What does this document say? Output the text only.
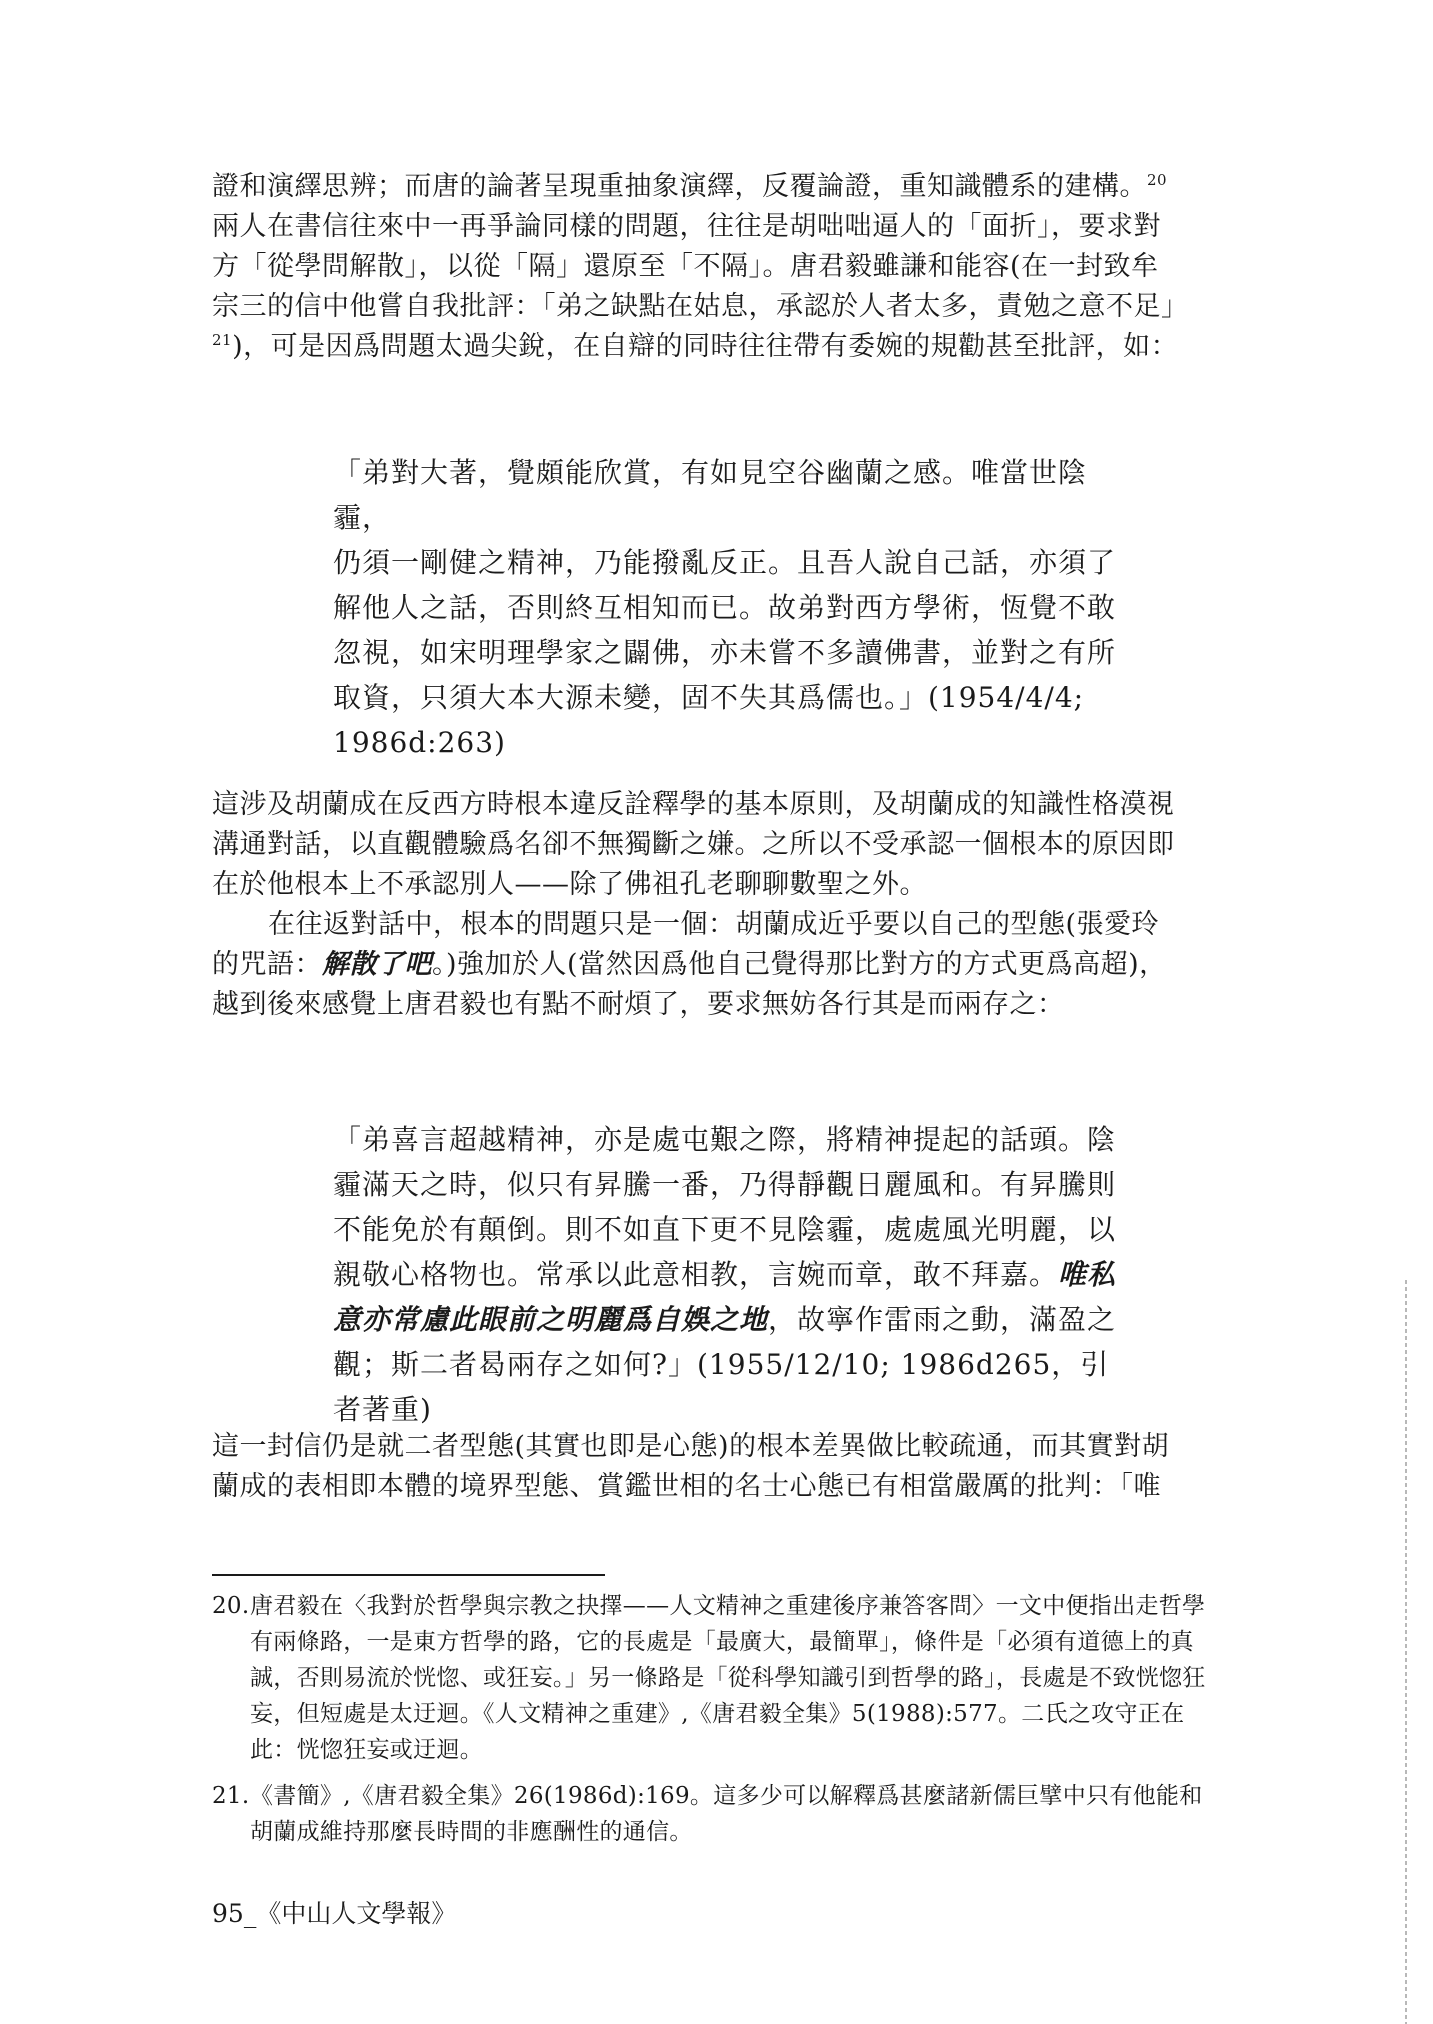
證和演繹思辨；而唐的論著呈現重抽象演繹，反覆論證，重知識體系的建構。$^{20}$

兩人在書信往來中一再爭論同樣的問題，往往是胡咄咄逼人的「面折」，要求對

方「從學問解散」，以從「隔」還原至「不隔」。唐君毅雖謙和能容(在一封致牟

宗三的信中他嘗自我批評：「弟之缺點在姑息，承認於人者太多，責勉之意不足」

$^{21}$)，可是因爲問題太過尖銳，在自辯的同時往往帶有委婉的規勸甚至批評，如：

「弟對大著，覺頗能欣賞，有如見空谷幽蘭之感。唯當世陰霾，

仍須一剛健之精神，乃能撥亂反正。且吾人說自己話，亦須了

解他人之話，否則終互相知而已。故弟對西方學術，恆覺不敢

忽視，如宋明理學家之闢佛，亦未嘗不多讀佛書，並對之有所

取資，只須大本大源未變，固不失其爲儒也。」(1954/4/4;

1986d:263)

這涉及胡蘭成在反西方時根本違反詮釋學的基本原則，及胡蘭成的知識性格漠視

溝通對話，以直觀體驗爲名卻不無獨斷之嫌。之所以不受承認一個根本的原因即

在於他根本上不承認別人——除了佛祖孔老聊聊數聖之外。

在往返對話中，根本的問題只是一個：胡蘭成近乎要以自己的型態(張愛玲

的咒語：解散了吧。)強加於人(當然因爲他自己覺得那比對方的方式更爲高超)，

越到後來感覺上唐君毅也有點不耐煩了，要求無妨各行其是而兩存之：

「弟喜言超越精神，亦是處屯艱之際，將精神提起的話頭。陰

霾滿天之時，似只有昇騰一番，乃得靜觀日麗風和。有昇騰則

不能免於有顛倒。則不如直下更不見陰霾，處處風光明麗，以

親敬心格物也。常承以此意相教，言婉而章，敢不拜嘉。唯私

意亦常慮此眼前之明麗爲自娛之地，故寧作雷雨之動，滿盈之

觀；斯二者曷兩存之如何?」(1955/12/10; 1986d265，引者著重)

這一封信仍是就二者型態(其實也即是心態)的根本差異做比較疏通，而其實對胡

蘭成的表相即本體的境界型態、賞鑑世相的名士心態已有相當嚴厲的批判：「唯

20. 唐君毅在〈我對於哲學與宗教之抉擇——人文精神之重建後序兼答客問〉一文中便指出走哲學有兩條路，一是東方哲學的路，它的長處是「最廣大，最簡單」，條件是「必須有道德上的真誠，否則易流於恍惚、或狂妄。」另一條路是「從科學知識引到哲學的路」，長處是不致恍惚狂妄，但短處是太迂迴。《人文精神之重建》,《唐君毅全集》5(1988):577。二氏之攻守正在此：恍惚狂妄或迂迴。
21. 《書簡》,《唐君毅全集》26(1986d):169。這多少可以解釋爲甚麼諸新儒巨擘中只有他能和胡蘭成維持那麼長時間的非應酬性的通信。
95_《中山人文學報》
